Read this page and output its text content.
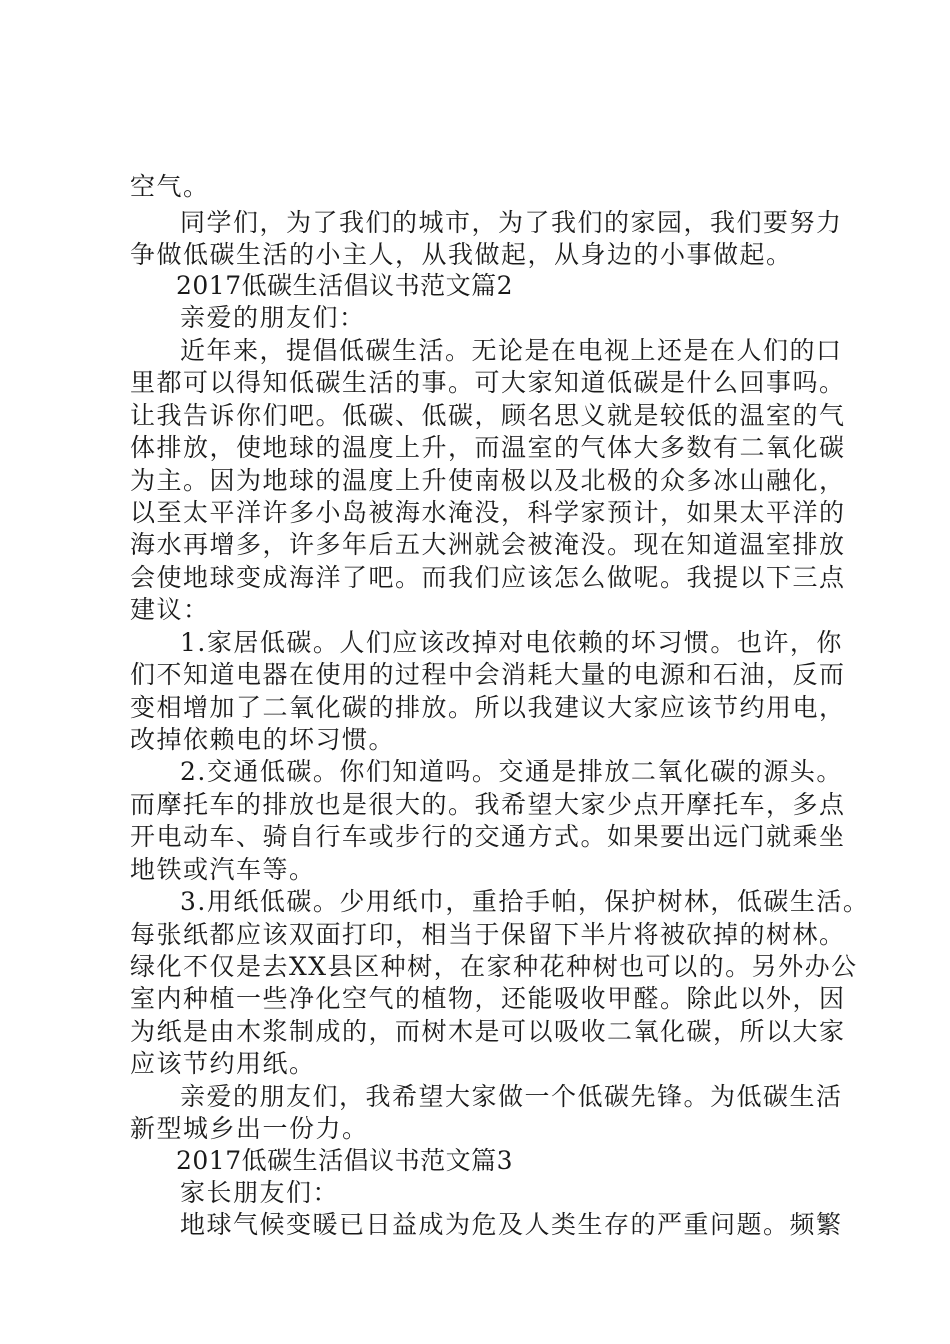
空气。
同学们，为了我们的城市，为了我们的家园，我们要努力
争做低碳生活的小主人，从我做起，从身边的小事做起。
2017低碳生活倡议书范文篇2
亲爱的朋友们：
近年来，提倡低碳生活。无论是在电视上还是在人们的口
里都可以得知低碳生活的事。可大家知道低碳是什么回事吗。
让我告诉你们吧。低碳、低碳，顾名思义就是较低的温室的气
体排放，使地球的温度上升，而温室的气体大多数有二氧化碳
为主。因为地球的温度上升使南极以及北极的众多冰山融化，
以至太平洋许多小岛被海水淹没，科学家预计，如果太平洋的
海水再增多，许多年后五大洲就会被淹没。现在知道温室排放
会使地球变成海洋了吧。而我们应该怎么做呢。我提以下三点
建议：
1.家居低碳。人们应该改掉对电依赖的坏习惯。也许，你
们不知道电器在使用的过程中会消耗大量的电源和石油，反而
变相增加了二氧化碳的排放。所以我建议大家应该节约用电，
改掉依赖电的坏习惯。
2.交通低碳。你们知道吗。交通是排放二氧化碳的源头。
而摩托车的排放也是很大的。我希望大家少点开摩托车，多点
开电动车、骑自行车或步行的交通方式。如果要出远门就乘坐
地铁或汽车等。
3.用纸低碳。少用纸巾，重拾手帕，保护树林，低碳生活。
每张纸都应该双面打印，相当于保留下半片将被砍掉的树林。
绿化不仅是去XX县区种树，在家种花种树也可以的。另外办公
室内种植一些净化空气的植物，还能吸收甲醛。除此以外，因
为纸是由木浆制成的，而树木是可以吸收二氧化碳，所以大家
应该节约用纸。
亲爱的朋友们，我希望大家做一个低碳先锋。为低碳生活
新型城乡出一份力。
2017低碳生活倡议书范文篇3
家长朋友们：
地球气候变暖已日益成为危及人类生存的严重问题。频繁
